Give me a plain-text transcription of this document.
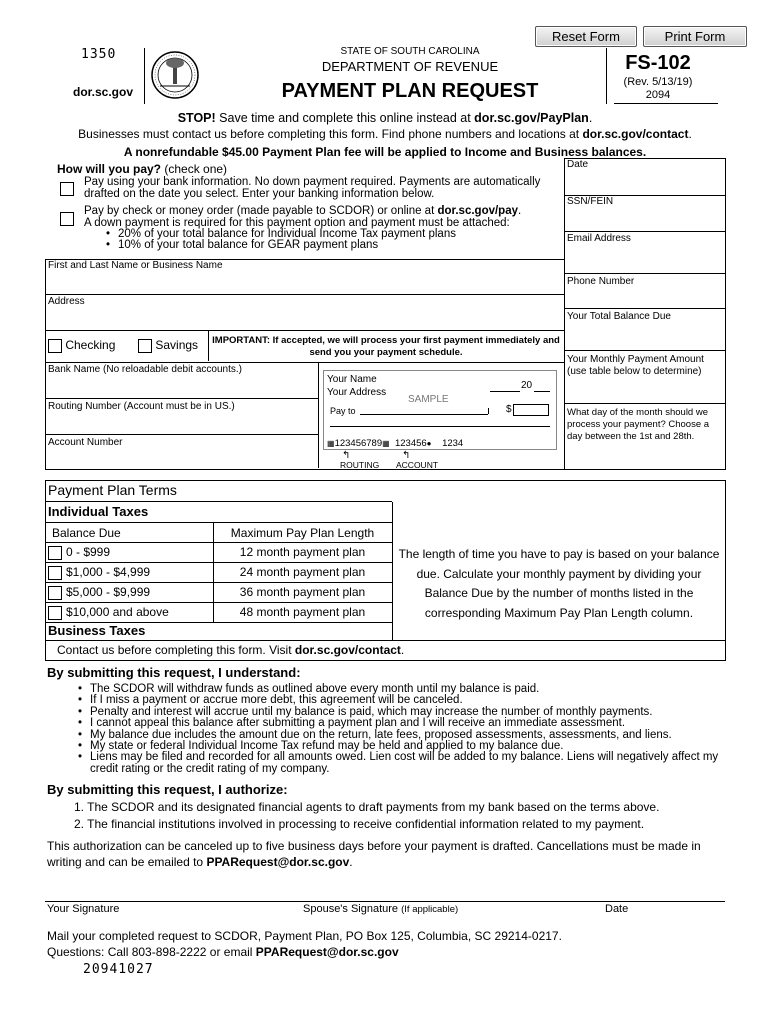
Reset Form	Print Form
1350
dor.sc.gov
STATE OF SOUTH CAROLINA
DEPARTMENT OF REVENUE
PAYMENT PLAN REQUEST
FS-102
(Rev. 5/13/19)
2094
STOP! Save time and complete this online instead at dor.sc.gov/PayPlan.
Businesses must contact us before completing this form. Find phone numbers and locations at dor.sc.gov/contact.
A nonrefundable $45.00 Payment Plan fee will be applied to Income and Business balances.
How will you pay? (check one)
Pay using your bank information. No down payment required. Payments are automatically drafted on the date you select. Enter your banking information below.
Pay by check or money order (made payable to SCDOR) or online at dor.sc.gov/pay.
A down payment is required for this payment option and payment must be attached:
• 20% of your total balance for Individual Income Tax payment plans
• 10% of your total balance for GEAR payment plans
Date
SSN/FEIN
Email Address
Phone Number
Your Total Balance Due
Your Monthly Payment Amount (use table below to determine)
What day of the month should we process your payment? Choose a day between the 1st and 28th.
First and Last Name or Business Name
Address
Checking	Savings IMPORTANT: If accepted, we will process your first payment immediately and send you your payment schedule.
Bank Name (No reloadable debit accounts.)
Routing Number (Account must be in US.)
Account Number
Your Name
Your Address
20
SAMPLE
Pay to	$
▦123456789▦ 123456● 1234
↰	↰
ROUTING ACCOUNT
Payment Plan Terms
Individual Taxes
Balance Due	Maximum Pay Plan Length
0 - $999	12 month payment plan
$1,000 - $4,999	24 month payment plan
$5,000 - $9,999	36 month payment plan
$10,000 and above	48 month payment plan
The length of time you have to pay is based on your balance due. Calculate your monthly payment by dividing your Balance Due by the number of months listed in the corresponding Maximum Pay Plan Length column.
Business Taxes
Contact us before completing this form. Visit dor.sc.gov/contact.
By submitting this request, I understand:
• The SCDOR will withdraw funds as outlined above every month until my balance is paid.
• If I miss a payment or accrue more debt, this agreement will be canceled.
• Penalty and interest will accrue until my balance is paid, which may increase the number of monthly payments.
• I cannot appeal this balance after submitting a payment plan and I will receive an immediate assessment.
• My balance due includes the amount due on the return, late fees, proposed assessments, assessments, and liens.
• My state or federal Individual Income Tax refund may be held and applied to my balance due.
• Liens may be filed and recorded for all amounts owed. Lien cost will be added to my balance. Liens will negatively affect my credit rating or the credit rating of my company.
By submitting this request, I authorize:
1. The SCDOR and its designated financial agents to draft payments from my bank based on the terms above.
2. The financial institutions involved in processing to receive confidential information related to my payment.
This authorization can be canceled up to five business days before your payment is drafted. Cancellations must be made in writing and can be emailed to PPARequest@dor.sc.gov.
Your Signature	Spouse's Signature (If applicable)	Date
Mail your completed request to SCDOR, Payment Plan, PO Box 125, Columbia, SC 29214-0217.
Questions: Call 803-898-2222 or email PPARequest@dor.sc.gov
20941027
